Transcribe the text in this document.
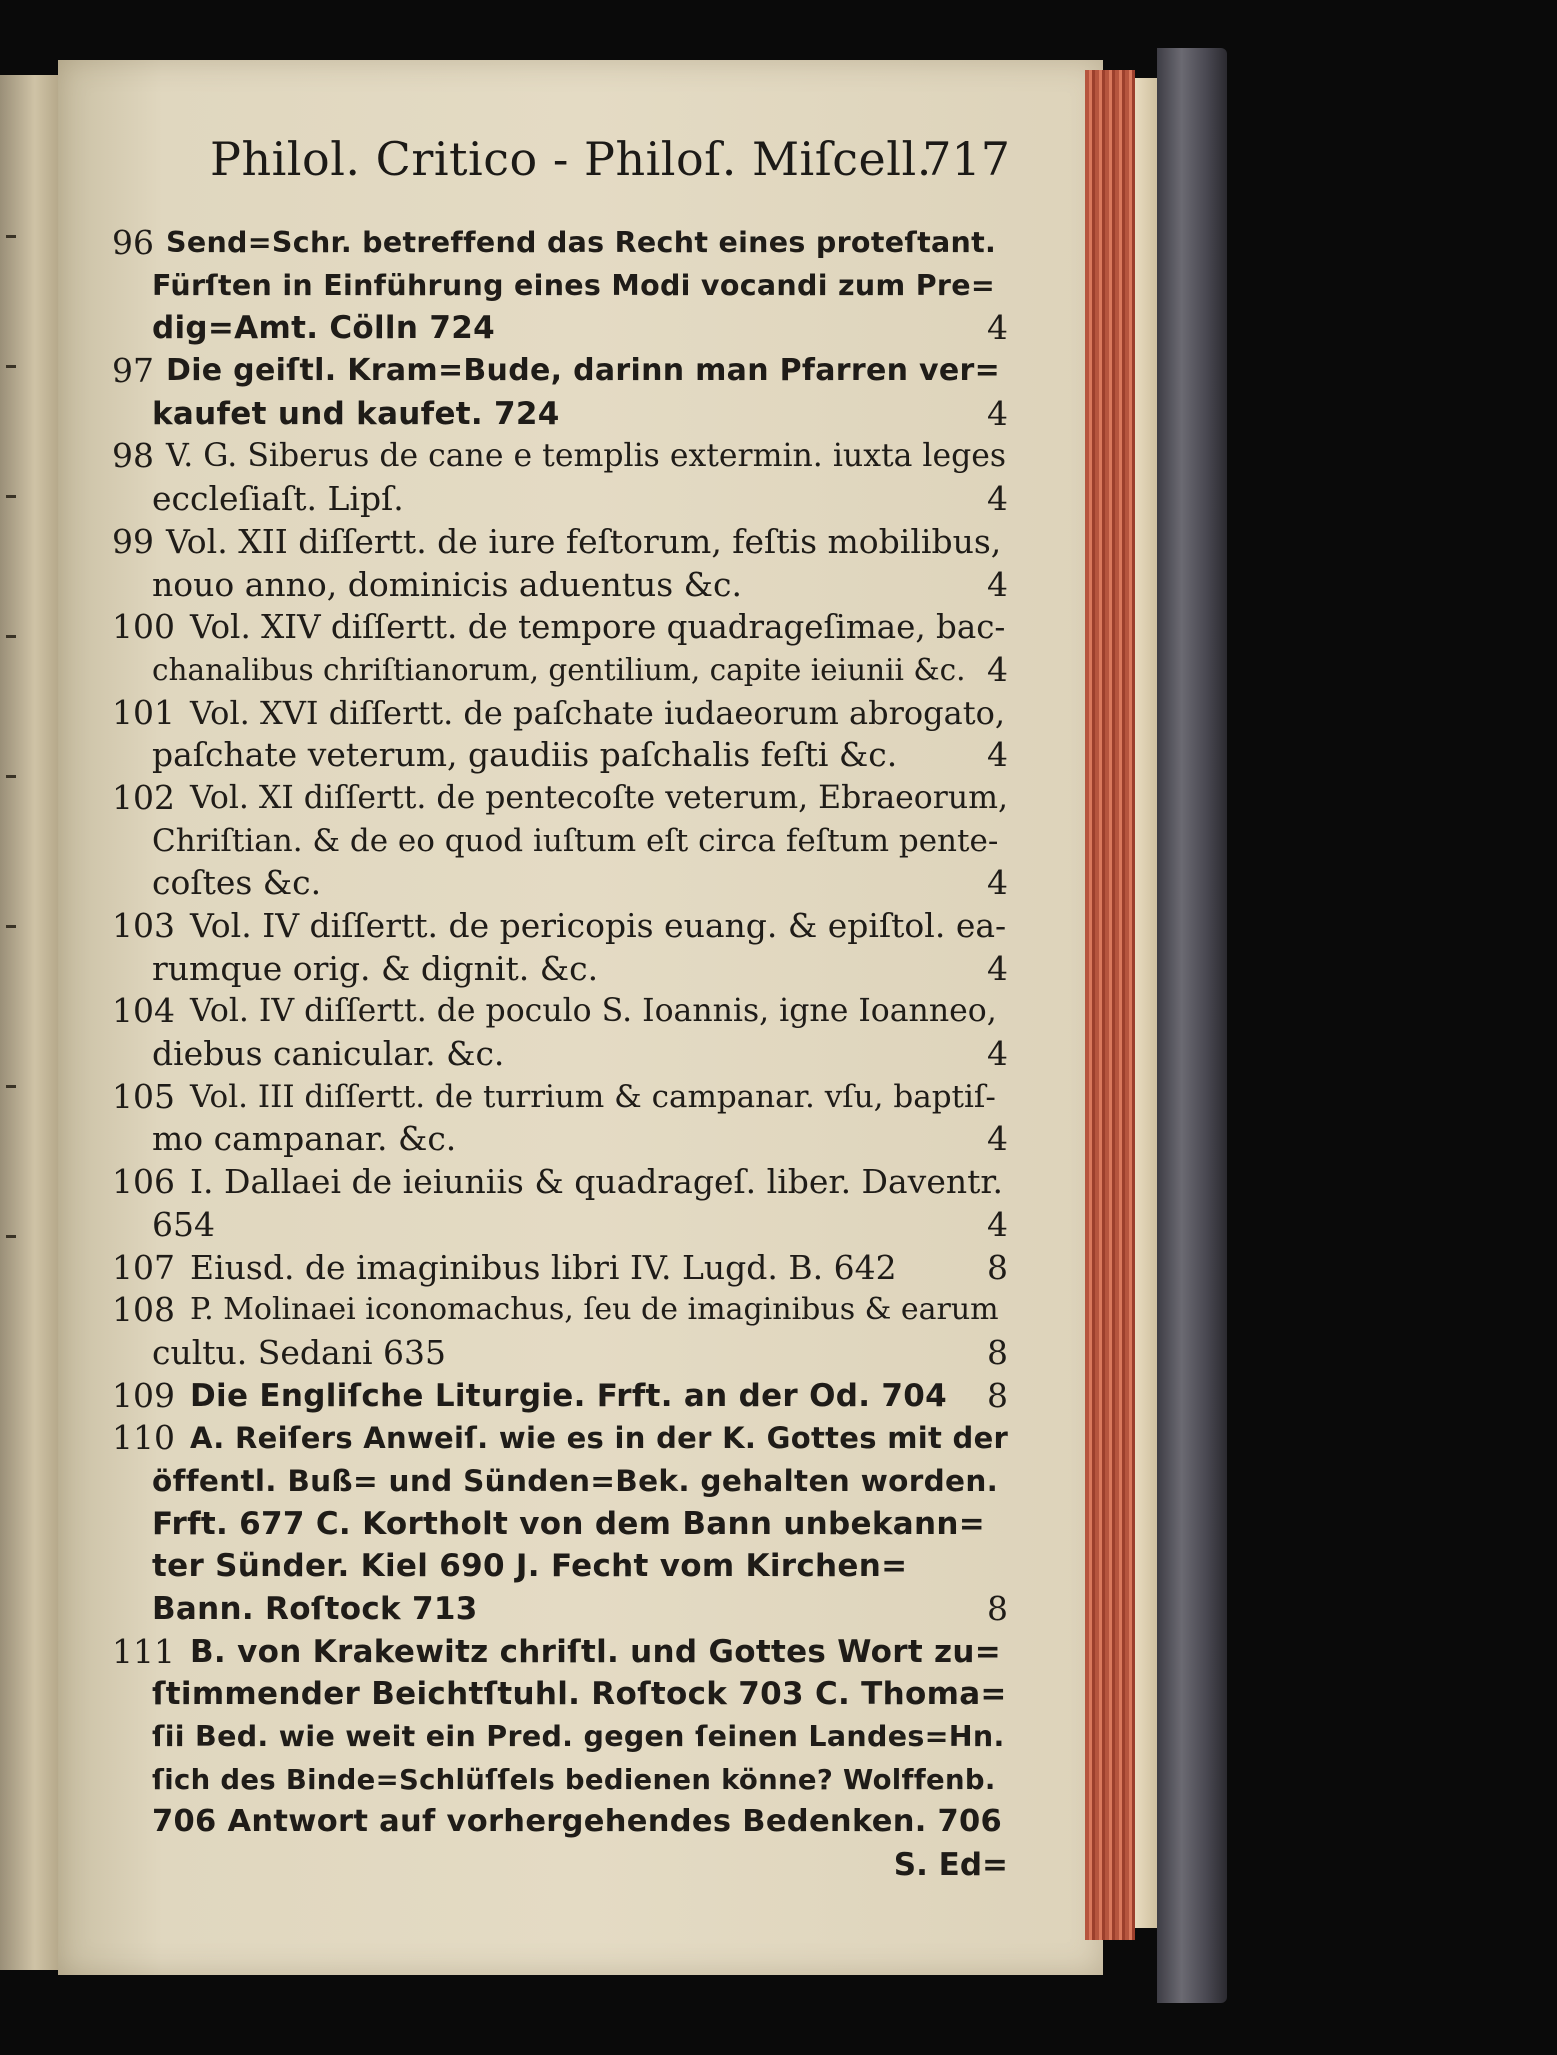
Philol. Critico - Philoſ. Miſcell.
717
96 Send=Schr. betreffend das Recht eines proteſtant.
Fürſten in Einführung eines Modi vocandi zum Pre=
dig=Amt. Cölln 724	4
97 Die geiſtl. Kram=Bude, darinn man Pfarren ver=
kaufet und kaufet. 724	4
98 V. G. Siberus de cane e templis extermin. iuxta leges
eccleſiaſt. Lipſ.	4
99 Vol. XII diſſertt. de iure feſtorum, feſtis mobilibus,
nouo anno, dominicis aduentus &c.	4
100 Vol. XIV diſſertt. de tempore quadrageſimae, bac-
chanalibus chriſtianorum, gentilium, capite ieiunii &c. 4
101 Vol. XVI diſſertt. de paſchate iudaeorum abrogato,
paſchate veterum, gaudiis paſchalis feſti &c.	4
102 Vol. XI diſſertt. de pentecoſte veterum, Ebraeorum,
Chriſtian. & de eo quod iuſtum eſt circa feſtum pente-
coſtes &c.	4
103 Vol. IV diſſertt. de pericopis euang. & epiſtol. ea-
rumque orig. & dignit. &c.	4
104 Vol. IV diſſertt. de poculo S. Ioannis, igne Ioanneo,
diebus canicular. &c.	4
105 Vol. III diſſertt. de turrium & campanar. vſu, baptiſ-
mo campanar. &c.	4
106 I. Dallaei de ieiuniis & quadrageſ. liber. Daventr.
654	4
107 Eiusd. de imaginibus libri IV. Lugd. B. 642	8
108 P. Molinaei iconomachus, ſeu de imaginibus & earum
cultu. Sedani 635	8
109 Die Engliſche Liturgie. Frft. an der Od. 704 8
110 A. Reiſers Anweiſ. wie es in der K. Gottes mit der
öffentl. Buß= und Sünden=Bek. gehalten worden.
Frft. 677 C. Kortholt von dem Bann unbekann=
ter Sünder. Kiel 690 J. Fecht vom Kirchen=
Bann. Roſtock 713	8
111 B. von Krakewitz chriſtl. und Gottes Wort zu=
ſtimmender Beichtſtuhl. Roſtock 703 C. Thoma=
ſii Bed. wie weit ein Pred. gegen ſeinen Landes=Hn.
ſich des Binde=Schlüſſels bedienen könne? Wolffenb.
706 Antwort auf vorhergehendes Bedenken. 706
S. Ed=
